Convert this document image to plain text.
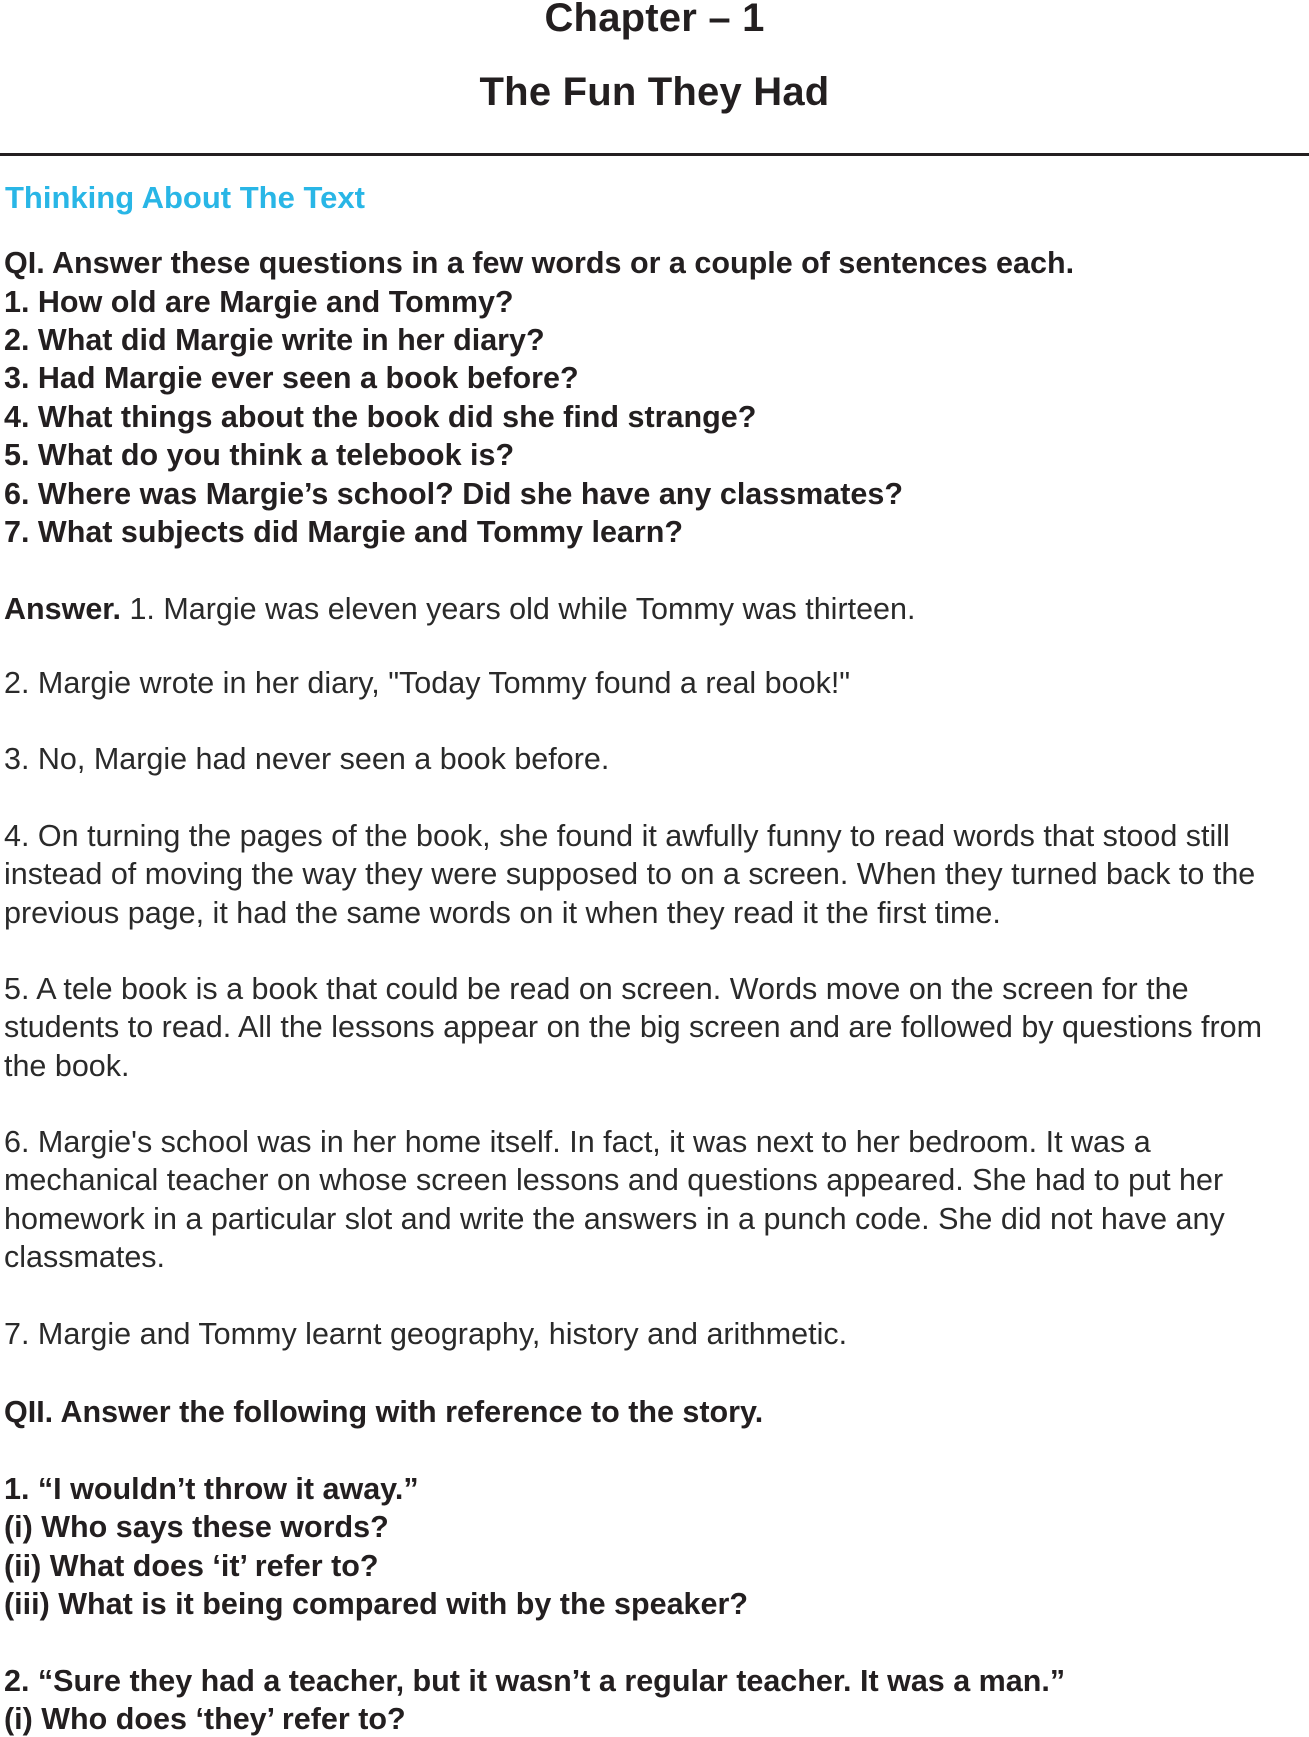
Chapter – 1
The Fun They Had
Thinking About The Text
QI. Answer these questions in a few words or a couple of sentences each.
1. How old are Margie and Tommy?
2. What did Margie write in her diary?
3. Had Margie ever seen a book before?
4. What things about the book did she find strange?
5. What do you think a telebook is?
6. Where was Margie’s school? Did she have any classmates?
7. What subjects did Margie and Tommy learn?
Answer. 1. Margie was eleven years old while Tommy was thirteen.
2. Margie wrote in her diary, "Today Tommy found a real book!"
3. No, Margie had never seen a book before.
4. On turning the pages of the book, she found it awfully funny to read words that stood still instead of moving the way they were supposed to on a screen. When they turned back to the previous page, it had the same words on it when they read it the first time.
5. A tele book is a book that could be read on screen. Words move on the screen for the students to read. All the lessons appear on the big screen and are followed by questions from the book.
6. Margie's school was in her home itself. In fact, it was next to her bedroom. It was a mechanical teacher on whose screen lessons and questions appeared. She had to put her homework in a particular slot and write the answers in a punch code. She did not have any classmates.
7. Margie and Tommy learnt geography, history and arithmetic.
QII. Answer the following with reference to the story.
1. “I wouldn’t throw it away.”
(i) Who says these words?
(ii) What does ‘it’ refer to?
(iii) What is it being compared with by the speaker?
2. “Sure they had a teacher, but it wasn’t a regular teacher. It was a man.”
(i) Who does ‘they’ refer to?
